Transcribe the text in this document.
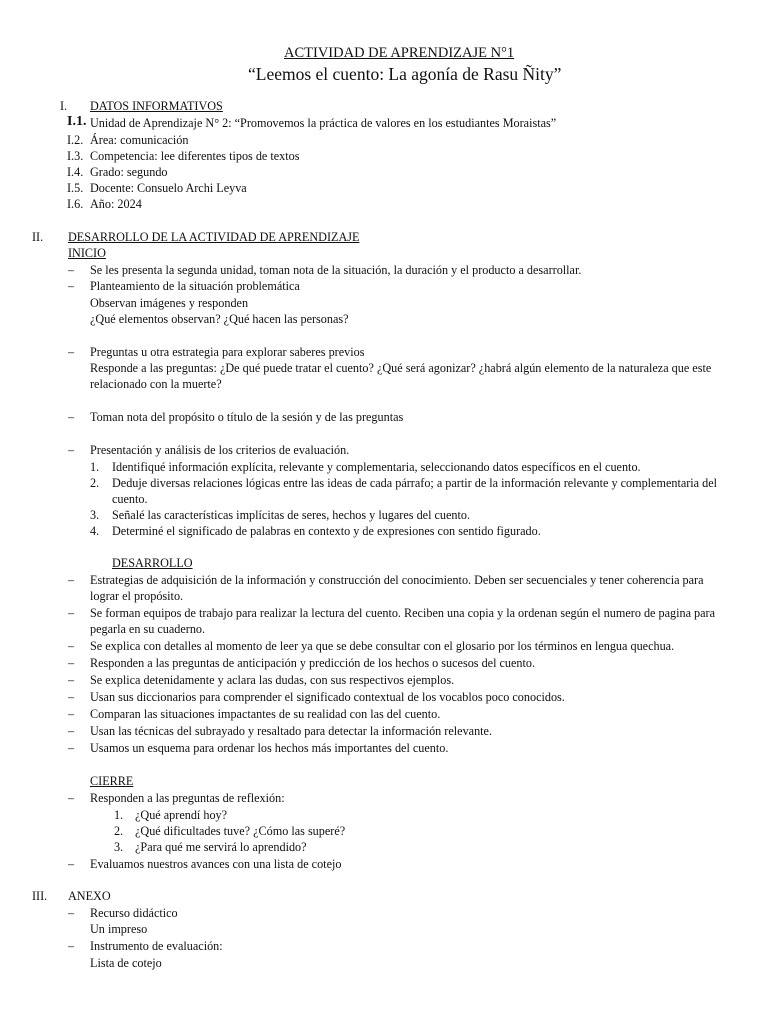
ACTIVIDAD DE APRENDIZAJE N°1
“Leemos el cuento: La agonía de Rasu Ñity”
I. DATOS INFORMATIVOS
I.1. Unidad de Aprendizaje N° 2: “Promovemos la práctica de valores en los estudiantes Moraistas”
I.2. Área: comunicación
I.3. Competencia: lee diferentes tipos de textos
I.4. Grado: segundo
I.5. Docente: Consuelo Archi Leyva
I.6. Año: 2024
II. DESARROLLO DE LA ACTIVIDAD DE APRENDIZAJE
INICIO
– Se les presenta la segunda unidad, toman nota de la situación, la duración y el producto a desarrollar.
– Planteamiento de la situación problemática
Observan imágenes y responden
¿Qué elementos observan? ¿Qué hacen las personas?
– Preguntas u otra estrategia para explorar saberes previos
Responde a las preguntas: ¿De qué puede tratar el cuento? ¿Qué será agonizar? ¿habrá algún elemento de la naturaleza que este
relacionado con la muerte?
– Toman nota del propósito o título de la sesión y de las preguntas
– Presentación y análisis de los criterios de evaluación.
1. Identifiqué información explícita, relevante y complementaria, seleccionando datos específicos en el cuento.
2. Deduje diversas relaciones lógicas entre las ideas de cada párrafo; a partir de la información relevante y complementaria del
cuento.
3. Señalé las características implícitas de seres, hechos y lugares del cuento.
4. Determiné el significado de palabras en contexto y de expresiones con sentido figurado.
DESARROLLO
– Estrategias de adquisición de la información y construcción del conocimiento. Deben ser secuenciales y tener coherencia para
lograr el propósito.
– Se forman equipos de trabajo para realizar la lectura del cuento. Reciben una copia y la ordenan según el numero de pagina para
pegarla en su cuaderno.
– Se explica con detalles al momento de leer ya que se debe consultar con el glosario por los términos en lengua quechua.
– Responden a las preguntas de anticipación y predicción de los hechos o sucesos del cuento.
– Se explica detenidamente y aclara las dudas, con sus respectivos ejemplos.
– Usan sus diccionarios para comprender el significado contextual de los vocablos poco conocidos.
– Comparan las situaciones impactantes de su realidad con las del cuento.
– Usan las técnicas del subrayado y resaltado para detectar la información relevante.
– Usamos un esquema para ordenar los hechos más importantes del cuento.
CIERRE
– Responden a las preguntas de reflexión:
1. ¿Qué aprendí hoy?
2. ¿Qué dificultades tuve? ¿Cómo las superé?
3. ¿Para qué me servirá lo aprendido?
– Evaluamos nuestros avances con una lista de cotejo
III. ANEXO
– Recurso didáctico
Un impreso
– Instrumento de evaluación:
Lista de cotejo
